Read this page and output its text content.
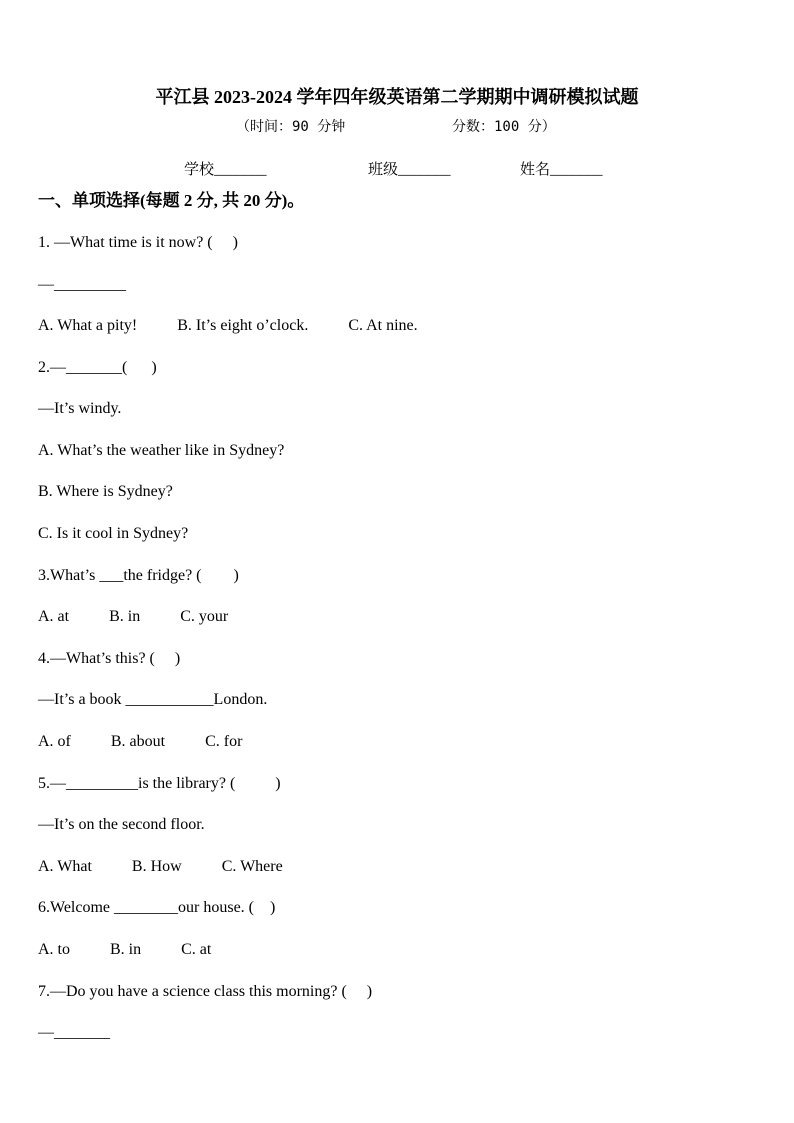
平江县 2023-2024 学年四年级英语第二学期期中调研模拟试题
（时间：90 分钟	分数：100 分）
学校_______	班级_______	姓名_______
一、单项选择(每题 2 分, 共 20 分)。
1. —What time is it now? (     )
—_________
A. What a pity!          B. It’s eight o’clock.          C. At nine.
2.—_______(      )
—It’s windy.
A. What’s the weather like in Sydney?
B. Where is Sydney?
C. Is it cool in Sydney?
3.What’s ___the fridge? (        )
A. at          B. in          C. your
4.—What’s this? (     )
—It’s a book ___________London.
A. of          B. about          C. for
5.—_________is the library? (          )
—It’s on the second floor.
A. What          B. How          C. Where
6.Welcome ________our house. (    )
A. to          B. in          C. at
7.—Do you have a science class this morning? (     )
—_______
